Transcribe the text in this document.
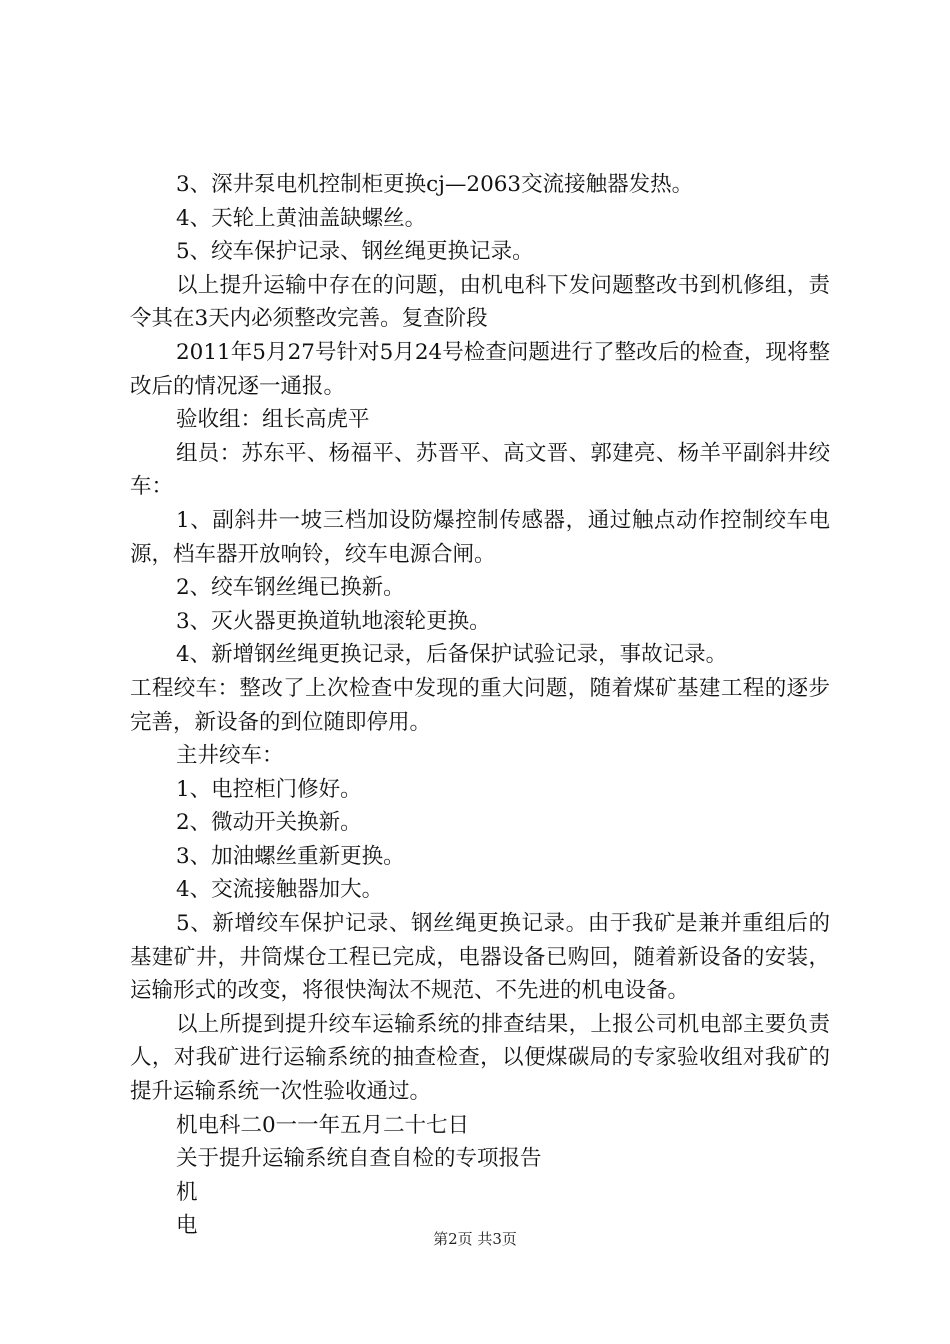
3、深井泵电机控制柜更换cj—2063交流接触器发热。

4、天轮上黄油盖缺螺丝。

5、绞车保护记录、钢丝绳更换记录。

以上提升运输中存在的问题，由机电科下发问题整改书到机修组，责令其在3天内必须整改完善。复查阶段

2011年5月27号针对5月24号检查问题进行了整改后的检查，现将整改后的情况逐一通报。

验收组：组长高虎平

组员：苏东平、杨福平、苏晋平、高文晋、郭建亮、杨羊平副斜井绞车：

1、副斜井一坡三档加设防爆控制传感器，通过触点动作控制绞车电源，档车器开放响铃，绞车电源合闸。

2、绞车钢丝绳已换新。

3、灭火器更换道轨地滚轮更换。

4、新增钢丝绳更换记录，后备保护试验记录，事故记录。

工程绞车：整改了上次检查中发现的重大问题，随着煤矿基建工程的逐步完善，新设备的到位随即停用。

主井绞车：

1、电控柜门修好。

2、微动开关换新。

3、加油螺丝重新更换。

4、交流接触器加大。

5、新增绞车保护记录、钢丝绳更换记录。由于我矿是兼并重组后的基建矿井，井筒煤仓工程已完成，电器设备已购回，随着新设备的安装，运输形式的改变，将很快淘汰不规范、不先进的机电设备。

以上所提到提升绞车运输系统的排查结果，上报公司机电部主要负责人，对我矿进行运输系统的抽查检查，以便煤碳局的专家验收组对我矿的提升运输系统一次性验收通过。

机电科二0一一年五月二十七日

关于提升运输系统自查自检的专项报告

机

电

第2页 共3页
